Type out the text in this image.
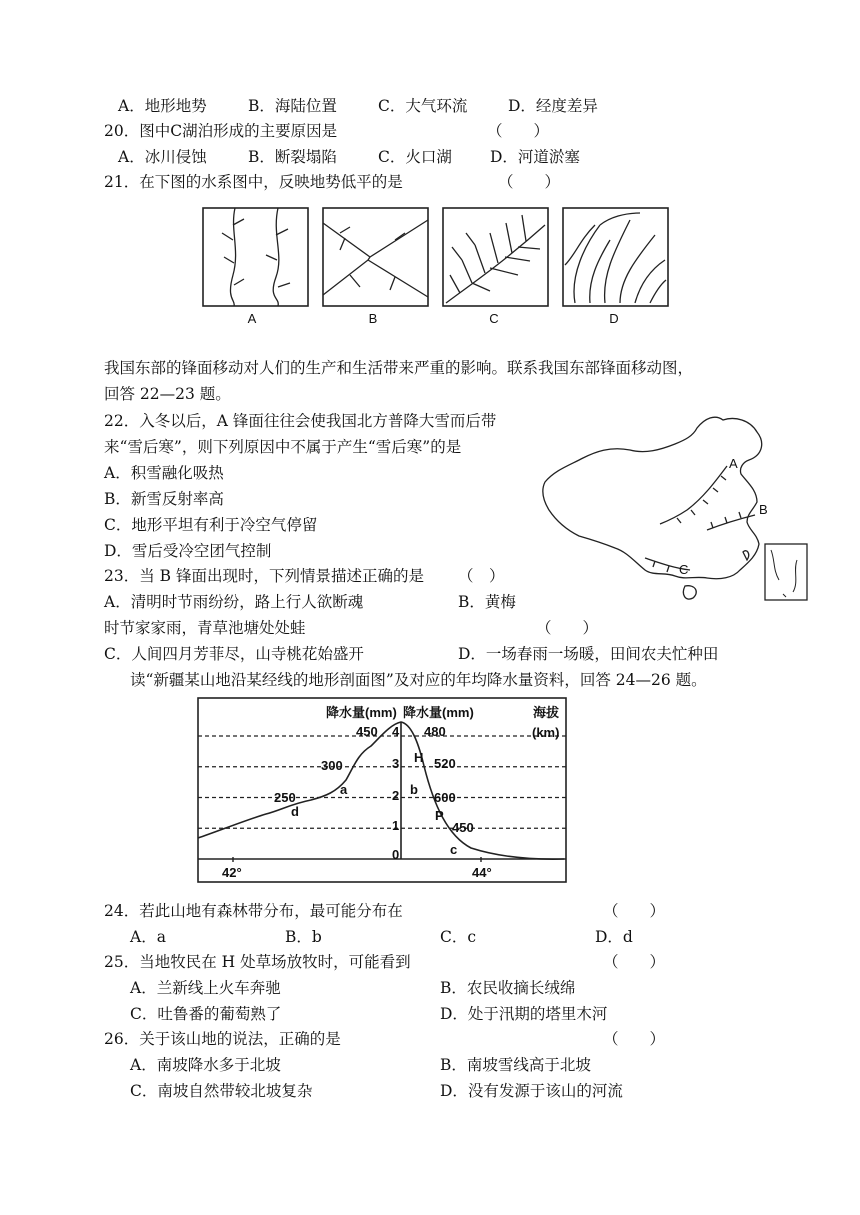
A．地形地势	B．海陆位置	C．大气环流	D．经度差异
20．图中C湖泊形成的主要原因是	（　　）
A．冰川侵蚀	B．断裂塌陷	C．火口湖 D．河道淤塞
21．在下图的水系图中，反映地势低平的是	（　　）
A	B	C	D
我国东部的锋面移动对人们的生产和生活带来严重的影响。联系我国东部锋面移动图，
回答 22—23 题。
22．入冬以后，A 锋面往往会使我国北方普降大雪而后带
来“雪后寒”，则下列原因中不属于产生“雪后寒”的是
A．积雪融化吸热
B．新雪反射率高
C．地形平坦有利于冷空气停留
D．雪后受冷空团气控制
A
B
C
23．当 B 锋面出现时，下列情景描述正确的是 （　）
A．清明时节雨纷纷，路上行人欲断魂	B．黄梅
时节家家雨，青草池塘处处蛙	（　　）
C．人间四月芳菲尽，山寺桃花始盛开	D．一场春雨一场暖，田间农夫忙种田
读“新疆某山地沿某经线的地形剖面图”及对应的年均降水量资料，回答 24—26 题。
降水量(mm) 降水量(mm)	海拔
(km)
450
300
250
480
520
600
450
4
3
2
1
0
a	b
c
d
H
P
42°	44°
24．若此山地有森林带分布，最可能分布在	（　　）
A．a	B．b	C．c	D．d
25．当地牧民在 H 处草场放牧时，可能看到	（　　）
A．兰新线上火车奔驰	B．农民收摘长绒绵
C．吐鲁番的葡萄熟了	D．处于汛期的塔里木河
26．关于该山地的说法，正确的是	（　　）
A．南坡降水多于北坡	B．南坡雪线高于北坡
C．南坡自然带较北坡复杂	D．没有发源于该山的河流
